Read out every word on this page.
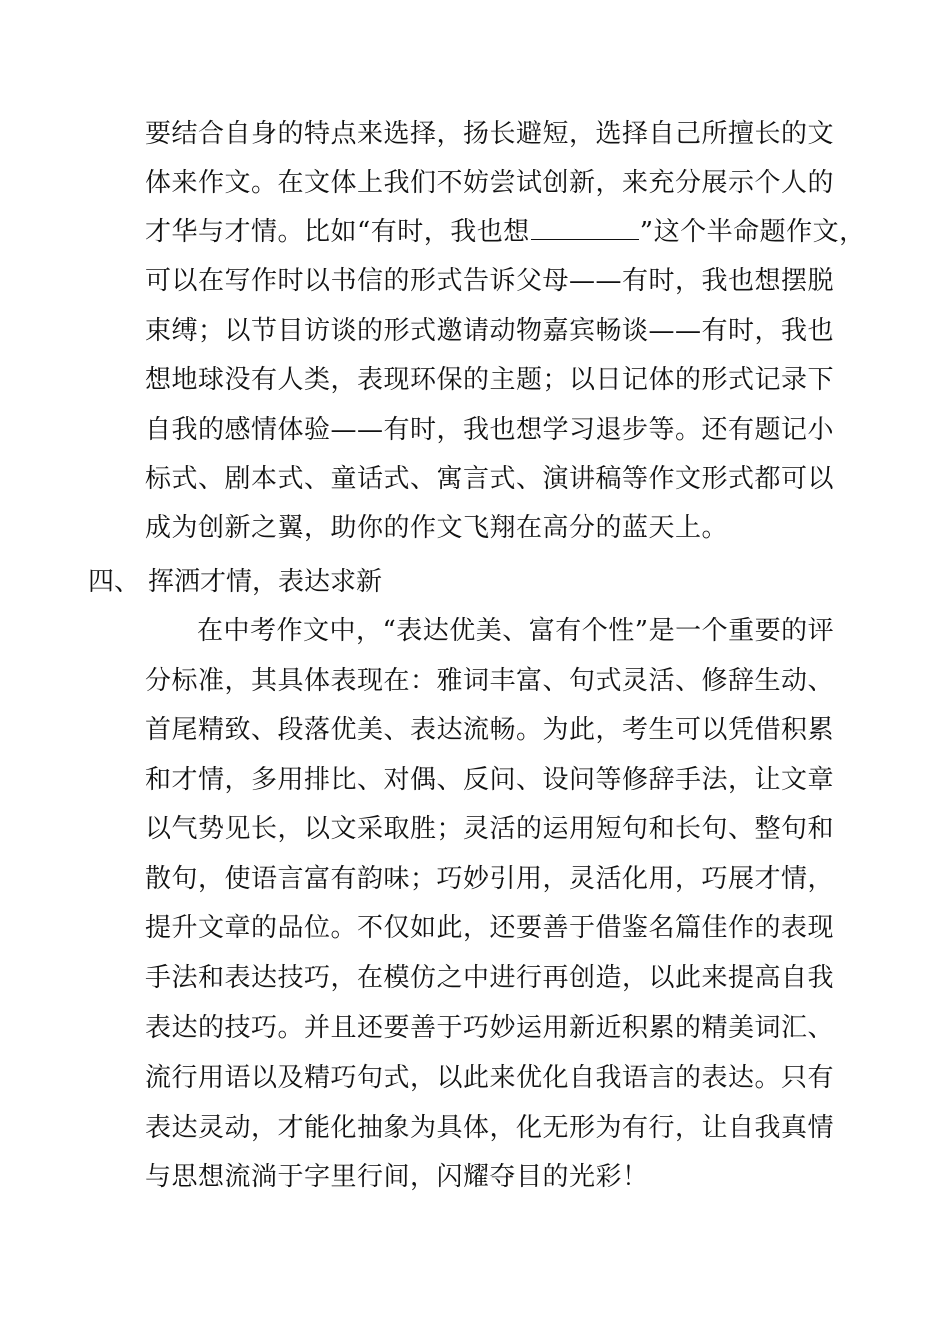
要结合自身的特点来选择，扬长避短，选择自己所擅长的文
体来作文。在文体上我们不妨尝试创新，来充分展示个人的
才华与才情。比如“有时，我也想	”这个半命题作文，
可以在写作时以书信的形式告诉父母——有时，我也想摆脱
束缚；以节目访谈的形式邀请动物嘉宾畅谈——有时，我也
想地球没有人类，表现环保的主题；以日记体的形式记录下
自我的感情体验——有时，我也想学习退步等。还有题记小
标式、剧本式、童话式、寓言式、演讲稿等作文形式都可以
成为创新之翼，助你的作文飞翔在高分的蓝天上。
四、 挥洒才情，表达求新
在中考作文中，“表达优美、富有个性”是一个重要的评
分标准，其具体表现在：雅词丰富、句式灵活、修辞生动、
首尾精致、段落优美、表达流畅。为此，考生可以凭借积累
和才情，多用排比、对偶、反问、设问等修辞手法，让文章
以气势见长，以文采取胜；灵活的运用短句和长句、整句和
散句，使语言富有韵味；巧妙引用，灵活化用，巧展才情，
提升文章的品位。不仅如此，还要善于借鉴名篇佳作的表现
手法和表达技巧，在模仿之中进行再创造，以此来提高自我
表达的技巧。并且还要善于巧妙运用新近积累的精美词汇、
流行用语以及精巧句式，以此来优化自我语言的表达。只有
表达灵动，才能化抽象为具体，化无形为有行，让自我真情
与思想流淌于字里行间，闪耀夺目的光彩！
